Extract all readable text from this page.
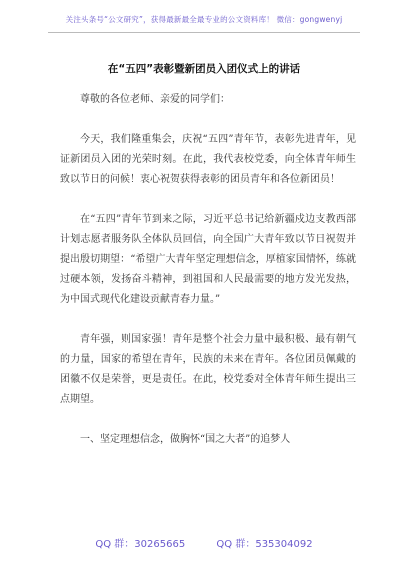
关注头条号“公文研究”，获得最新最全最专业的公文资料库！ 微信：gongwenyj
在“五四”表彰暨新团员入团仪式上的讲话

尊敬的各位老师、亲爱的同学们：

今天，我们隆重集会，庆祝“五四”青年节，表彰先进青年，见证新团员入团的光荣时刻。在此，我代表校党委，向全体青年师生致以节日的问候！衷心祝贺获得表彰的团员青年和各位新团员！

在“五四”青年节到来之际，习近平总书记给新疆戍边支教西部计划志愿者服务队全体队员回信，向全国广大青年致以节日祝贺并提出殷切期望：“希望广大青年坚定理想信念，厚植家国情怀，练就过硬本领，发扬奋斗精神，到祖国和人民最需要的地方发光发热，为中国式现代化建设贡献青春力量。”

青年强，则国家强！青年是整个社会力量中最积极、最有朝气的力量，国家的希望在青年，民族的未来在青年。各位团员佩戴的团徽不仅是荣誉，更是责任。在此，校党委对全体青年师生提出三点期望。

一、坚定理想信念，做胸怀“国之大者”的追梦人

QQ 群：30265665	QQ 群：535304092
